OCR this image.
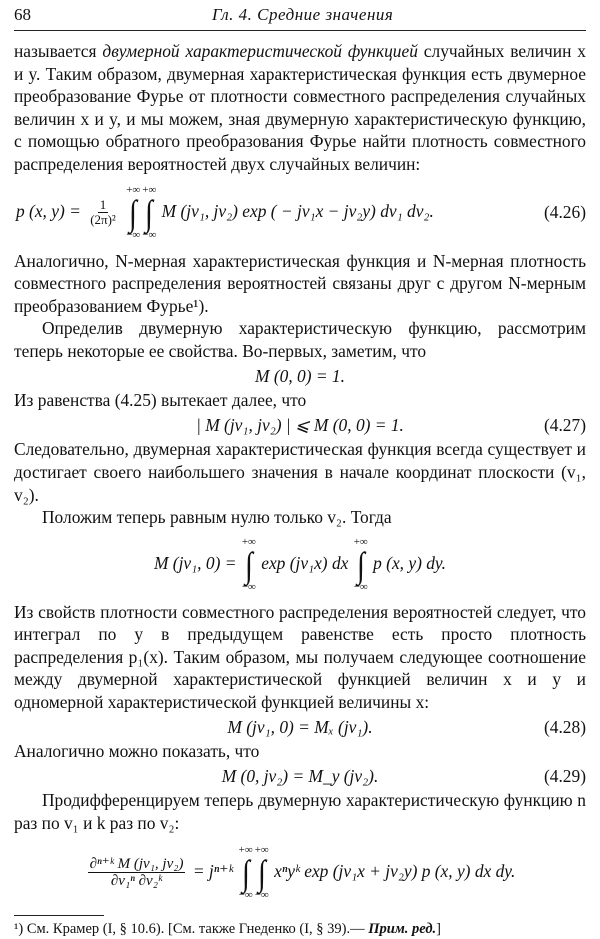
68	Гл. 4. Средние значения

называется двумерной характеристической функцией случайных величин x и y. Таким образом, двумерная характеристическая функция есть двумерное преобразование Фурье от плотности совместного распределения случайных величин x и y, и мы можем, зная двумерную характеристическую функцию, с помощью обратного преобразования Фурье найти плотность совместного распределения вероятностей двух случайных величин:

p (x, $y) = \frac{1}{\text{(2π)²}}$

+∞
∫
−∞
+∞
∫
−∞
M (jv₁, jv₂) exp ( − jv₁x − jv₂y) dv₁ dv₂.	(4.26)

Аналогично, N-мерная характеристическая функция и N-мерная плотность совместного распределения вероятностей связаны друг с другом N-мерным преобразованием Фурье¹).

Определив двумерную характеристическую функцию, рассмотрим теперь некоторые ее свойства. Во-первых, заметим, что

M (0, 0) = 1.

Из равенства (4.25) вытекает далее, что

| M (jv₁, jv₂) | ⩽ M (0, 0) = 1.	(4.27)

Следовательно, двумерная характеристическая функция всегда существует и достигает своего наибольшего значения в начале координат плоскости (v₁, v₂).

Положим теперь равным нулю только v₂. Тогда

M (jv₁, 0) =
+∞
∫
−∞
exp (jv₁x) dx
+∞
∫
−∞
p (x, y) dy.

Из свойств плотности совместного распределения вероятностей следует, что интеграл по y в предыдущем равенстве есть просто плотность распределения p₁(x). Таким образом, мы получаем следующее соотношение между двумерной характеристической функцией величин x и y и одномерной характеристической функцией величины x:

M (jv₁, 0) = Mₓ (jv₁).	(4.28)

Аналогично можно показать, что

M (0, jv₂) = M_y (jv₂).	(4.29)

Продифференцируем теперь двумерную характеристическую функцию n раз по v₁ и k раз по v₂:

$\frac{\text{∂ⁿ⁺ᵏ M (jv₁, jv₂)}}{\text{∂v₁ⁿ ∂v₂ᵏ}}$ = jⁿ⁺ᵏ
+∞
∫
−∞
+∞
∫
−∞
xⁿyᵏ exp (jv₁x + jv₂y) p (x, y) dx dy.
¹) См. Крамер (I, § 10.6). [См. также Гнеденко (I, § 39).— Прим. ред.]
